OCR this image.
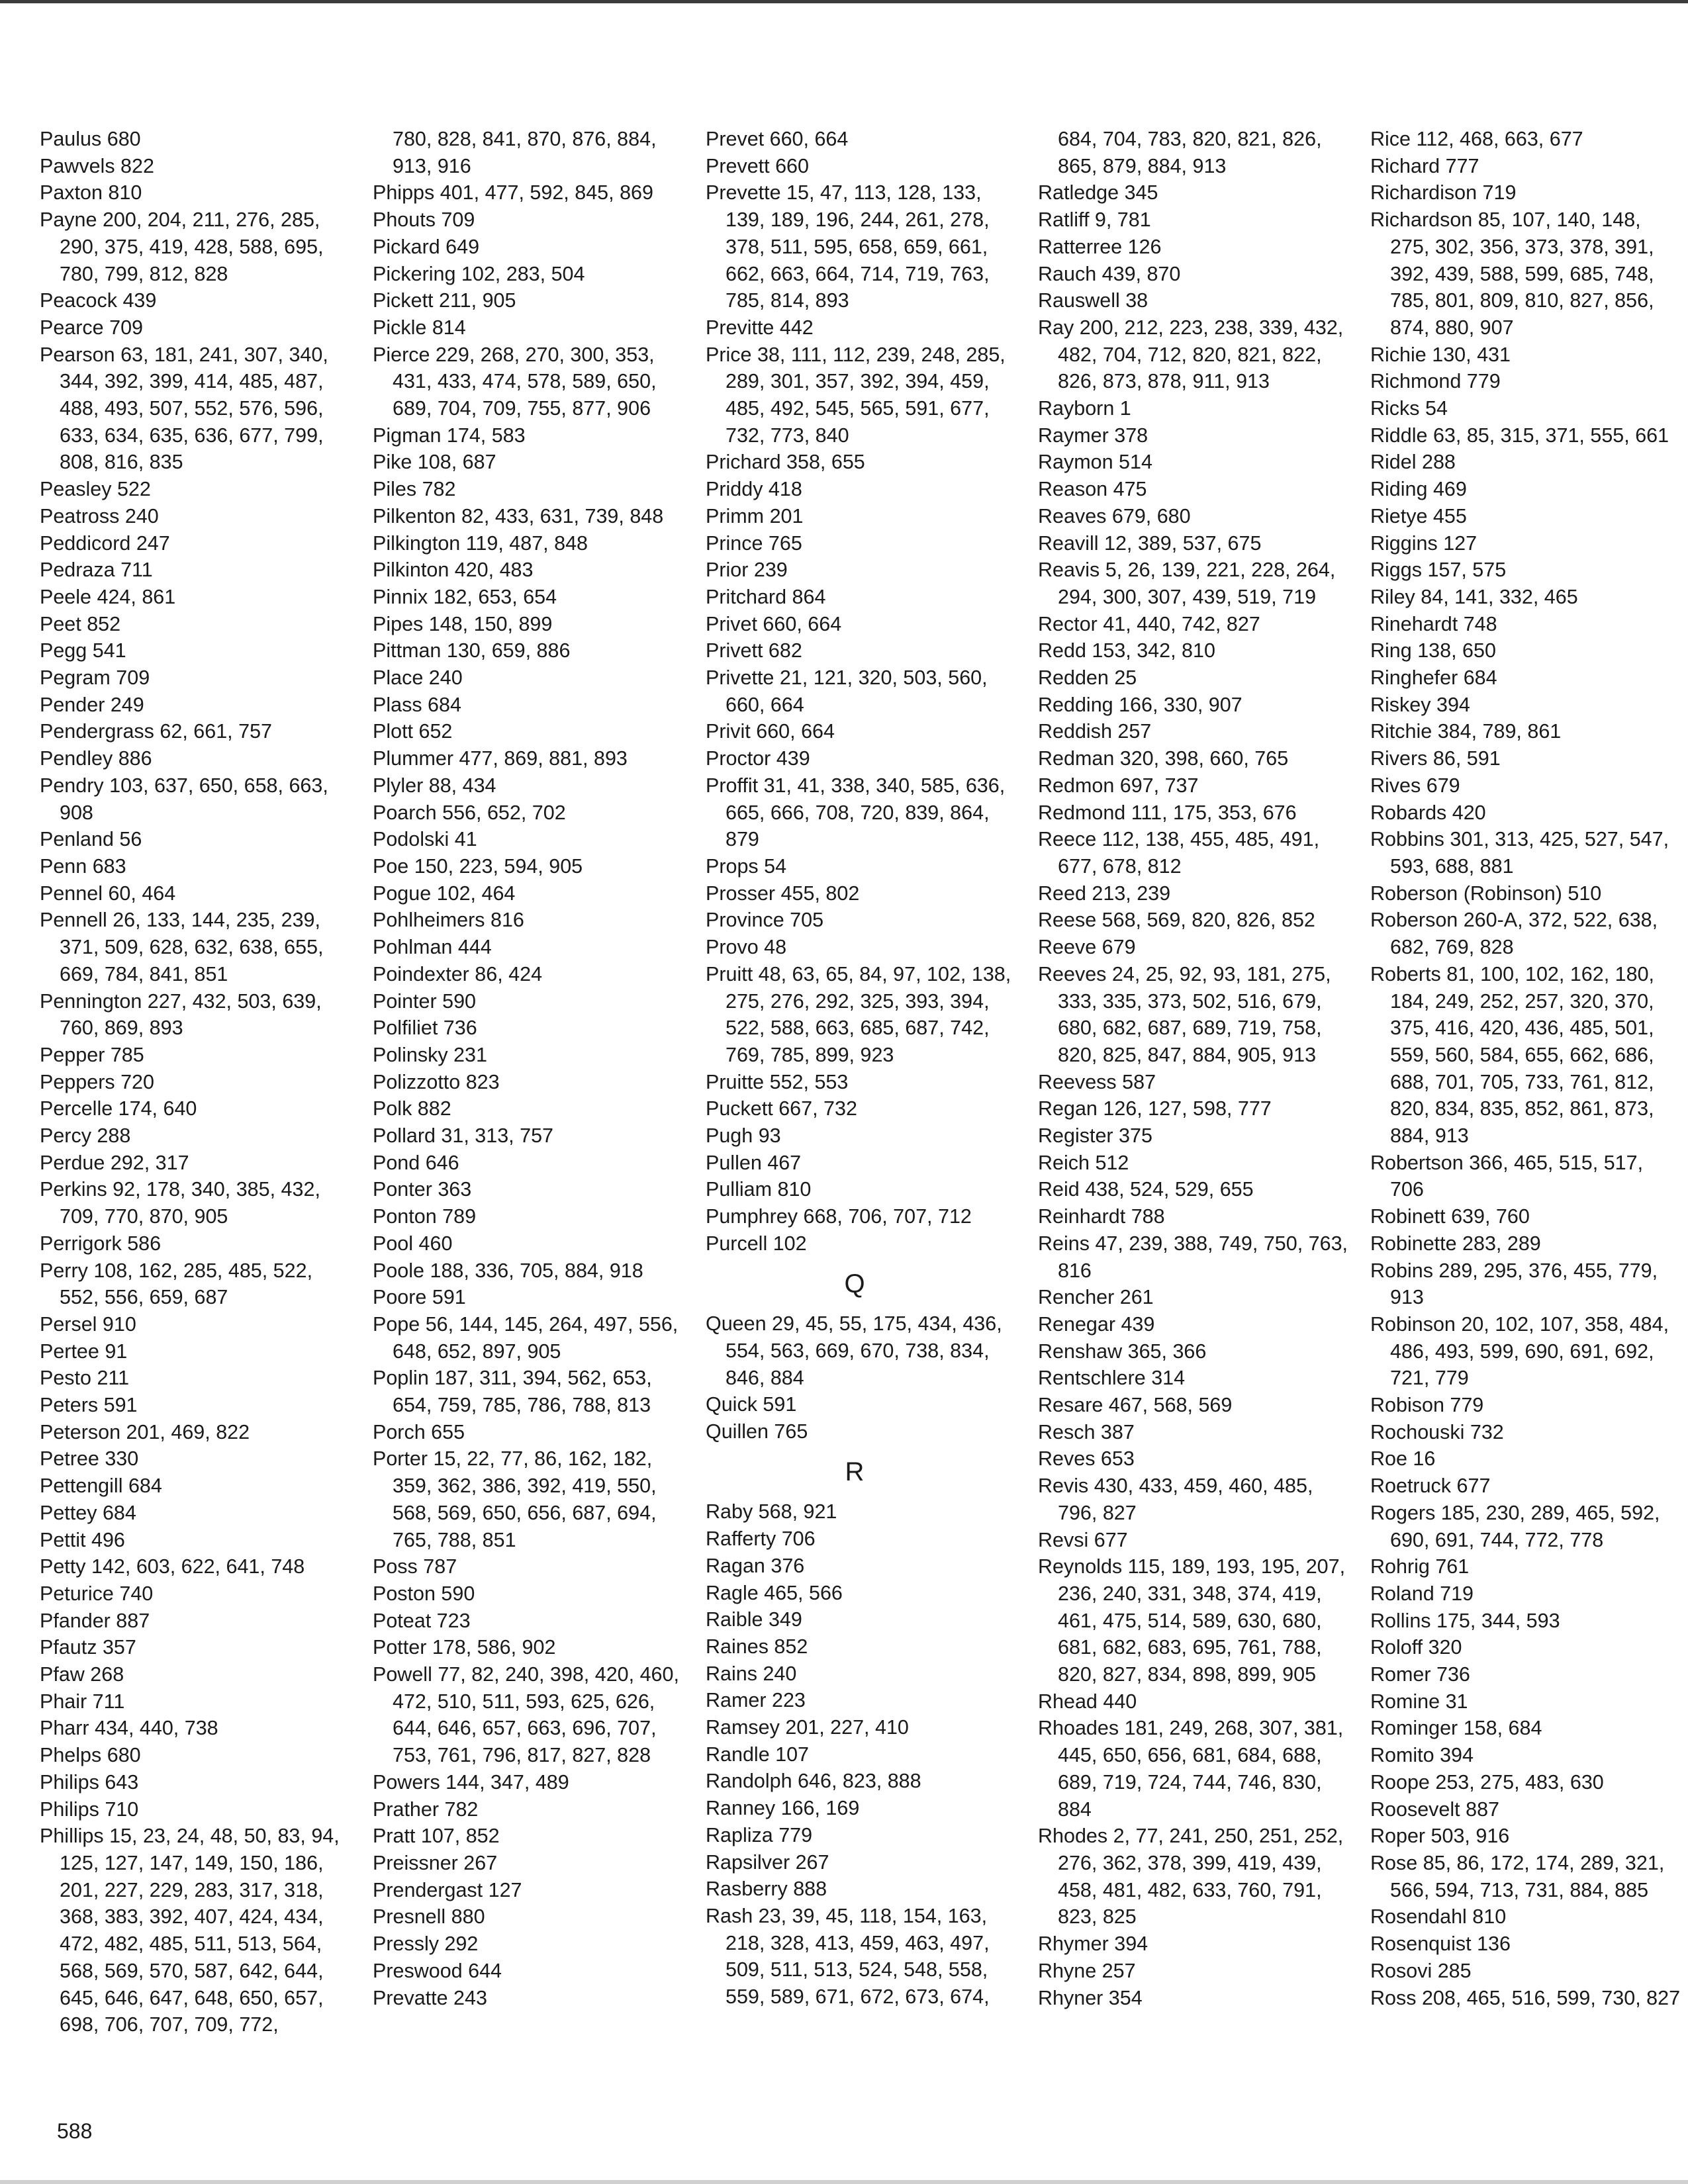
Paulus 680
Pawvels 822
Paxton 810
Payne 200, 204, 211, 276, 285, 290, 375, 419, 428, 588, 695, 780, 799, 812, 828
Peacock 439
Pearce 709
Pearson 63, 181, 241, 307, 340, 344, 392, 399, 414, 485, 487, 488, 493, 507, 552, 576, 596, 633, 634, 635, 636, 677, 799, 808, 816, 835
Peasley 522
Peatross 240
Peddicord 247
Pedraza 711
Peele 424, 861
Peet 852
Pegg 541
Pegram 709
Pender 249
Pendergrass 62, 661, 757
Pendley 886
Pendry 103, 637, 650, 658, 663, 908
Penland 56
Penn 683
Pennel 60, 464
Pennell 26, 133, 144, 235, 239, 371, 509, 628, 632, 638, 655, 669, 784, 841, 851
Pennington 227, 432, 503, 639, 760, 869, 893
Pepper 785
Peppers 720
Percelle 174, 640
Percy 288
Perdue 292, 317
Perkins 92, 178, 340, 385, 432, 709, 770, 870, 905
Perrigork 586
Perry 108, 162, 285, 485, 522, 552, 556, 659, 687
Persel 910
Pertee 91
Pesto 211
Peters 591
Peterson 201, 469, 822
Petree 330
Pettengill 684
Pettey 684
Pettit 496
Petty 142, 603, 622, 641, 748
Peturice 740
Pfander 887
Pfautz 357
Pfaw 268
Phair 711
Pharr 434, 440, 738
Phelps 680
Philips 643
Philips 710
Phillips 15, 23, 24, 48, 50, 83, 94, 125, 127, 147, 149, 150, 186, 201, 227, 229, 283, 317, 318, 368, 383, 392, 407, 424, 434, 472, 482, 485, 511, 513, 564, 568, 569, 570, 587, 642, 644, 645, 646, 647, 648, 650, 657, 698, 706, 707, 709, 772,
780, 828, 841, 870, 876, 884, 913, 916
Phipps 401, 477, 592, 845, 869
Phouts 709
Pickard 649
Pickering 102, 283, 504
Pickett 211, 905
Pickle 814
Pierce 229, 268, 270, 300, 353, 431, 433, 474, 578, 589, 650, 689, 704, 709, 755, 877, 906
Pigman 174, 583
Pike 108, 687
Piles 782
Pilkenton 82, 433, 631, 739, 848
Pilkington 119, 487, 848
Pilkinton 420, 483
Pinnix 182, 653, 654
Pipes 148, 150, 899
Pittman 130, 659, 886
Place 240
Plass 684
Plott 652
Plummer 477, 869, 881, 893
Plyler 88, 434
Poarch 556, 652, 702
Podolski 41
Poe 150, 223, 594, 905
Pogue 102, 464
Pohlheimers 816
Pohlman 444
Poindexter 86, 424
Pointer 590
Polfiliet 736
Polinsky 231
Polizzotto 823
Polk 882
Pollard 31, 313, 757
Pond 646
Ponter 363
Ponton 789
Pool 460
Poole 188, 336, 705, 884, 918
Poore 591
Pope 56, 144, 145, 264, 497, 556, 648, 652, 897, 905
Poplin 187, 311, 394, 562, 653, 654, 759, 785, 786, 788, 813
Porch 655
Porter 15, 22, 77, 86, 162, 182, 359, 362, 386, 392, 419, 550, 568, 569, 650, 656, 687, 694, 765, 788, 851
Poss 787
Poston 590
Poteat 723
Potter 178, 586, 902
Powell 77, 82, 240, 398, 420, 460, 472, 510, 511, 593, 625, 626, 644, 646, 657, 663, 696, 707, 753, 761, 796, 817, 827, 828
Powers 144, 347, 489
Prather 782
Pratt 107, 852
Preissner 267
Prendergast 127
Presnell 880
Pressly 292
Preswood 644
Prevatte 243
Prevet 660, 664
Prevett 660
Prevette 15, 47, 113, 128, 133, 139, 189, 196, 244, 261, 278, 378, 511, 595, 658, 659, 661, 662, 663, 664, 714, 719, 763, 785, 814, 893
Previtte 442
Price 38, 111, 112, 239, 248, 285, 289, 301, 357, 392, 394, 459, 485, 492, 545, 565, 591, 677, 732, 773, 840
Prichard 358, 655
Priddy 418
Primm 201
Prince 765
Prior 239
Pritchard 864
Privet 660, 664
Privett 682
Privette 21, 121, 320, 503, 560, 660, 664
Privit 660, 664
Proctor 439
Proffit 31, 41, 338, 340, 585, 636, 665, 666, 708, 720, 839, 864, 879
Props 54
Prosser 455, 802
Province 705
Provo 48
Pruitt 48, 63, 65, 84, 97, 102, 138, 275, 276, 292, 325, 393, 394, 522, 588, 663, 685, 687, 742, 769, 785, 899, 923
Pruitte 552, 553
Puckett 667, 732
Pugh 93
Pullen 467
Pulliam 810
Pumphrey 668, 706, 707, 712
Purcell 102
Q
Queen 29, 45, 55, 175, 434, 436, 554, 563, 669, 670, 738, 834, 846, 884
Quick 591
Quillen 765
R
Raby 568, 921
Rafferty 706
Ragan 376
Ragle 465, 566
Raible 349
Raines 852
Rains 240
Ramer 223
Ramsey 201, 227, 410
Randle 107
Randolph 646, 823, 888
Ranney 166, 169
Rapliza 779
Rapsilver 267
Rasberry 888
Rash 23, 39, 45, 118, 154, 163, 218, 328, 413, 459, 463, 497, 509, 511, 513, 524, 548, 558, 559, 589, 671, 672, 673, 674,
684, 704, 783, 820, 821, 826, 865, 879, 884, 913
Ratledge 345
Ratliff 9, 781
Ratterree 126
Rauch 439, 870
Rauswell 38
Ray 200, 212, 223, 238, 339, 432, 482, 704, 712, 820, 821, 822, 826, 873, 878, 911, 913
Rayborn 1
Raymer 378
Raymon 514
Reason 475
Reaves 679, 680
Reavill 12, 389, 537, 675
Reavis 5, 26, 139, 221, 228, 264, 294, 300, 307, 439, 519, 719
Rector 41, 440, 742, 827
Redd 153, 342, 810
Redden 25
Redding 166, 330, 907
Reddish 257
Redman 320, 398, 660, 765
Redmon 697, 737
Redmond 111, 175, 353, 676
Reece 112, 138, 455, 485, 491, 677, 678, 812
Reed 213, 239
Reese 568, 569, 820, 826, 852
Reeve 679
Reeves 24, 25, 92, 93, 181, 275, 333, 335, 373, 502, 516, 679, 680, 682, 687, 689, 719, 758, 820, 825, 847, 884, 905, 913
Reevess 587
Regan 126, 127, 598, 777
Register 375
Reich 512
Reid 438, 524, 529, 655
Reinhardt 788
Reins 47, 239, 388, 749, 750, 763, 816
Rencher 261
Renegar 439
Renshaw 365, 366
Rentschlere 314
Resare 467, 568, 569
Resch 387
Reves 653
Revis 430, 433, 459, 460, 485, 796, 827
Revsi 677
Reynolds 115, 189, 193, 195, 207, 236, 240, 331, 348, 374, 419, 461, 475, 514, 589, 630, 680, 681, 682, 683, 695, 761, 788, 820, 827, 834, 898, 899, 905
Rhead 440
Rhoades 181, 249, 268, 307, 381, 445, 650, 656, 681, 684, 688, 689, 719, 724, 744, 746, 830, 884
Rhodes 2, 77, 241, 250, 251, 252, 276, 362, 378, 399, 419, 439, 458, 481, 482, 633, 760, 791, 823, 825
Rhymer 394
Rhyne 257
Rhyner 354
Rice 112, 468, 663, 677
Richard 777
Richardison 719
Richardson 85, 107, 140, 148, 275, 302, 356, 373, 378, 391, 392, 439, 588, 599, 685, 748, 785, 801, 809, 810, 827, 856, 874, 880, 907
Richie 130, 431
Richmond 779
Ricks 54
Riddle 63, 85, 315, 371, 555, 661
Ridel 288
Riding 469
Rietye 455
Riggins 127
Riggs 157, 575
Riley 84, 141, 332, 465
Rinehardt 748
Ring 138, 650
Ringhefer 684
Riskey 394
Ritchie 384, 789, 861
Rivers 86, 591
Rives 679
Robards 420
Robbins 301, 313, 425, 527, 547, 593, 688, 881
Roberson (Robinson) 510
Roberson 260-A, 372, 522, 638, 682, 769, 828
Roberts 81, 100, 102, 162, 180, 184, 249, 252, 257, 320, 370, 375, 416, 420, 436, 485, 501, 559, 560, 584, 655, 662, 686, 688, 701, 705, 733, 761, 812, 820, 834, 835, 852, 861, 873, 884, 913
Robertson 366, 465, 515, 517, 706
Robinett 639, 760
Robinette 283, 289
Robins 289, 295, 376, 455, 779, 913
Robinson 20, 102, 107, 358, 484, 486, 493, 599, 690, 691, 692, 721, 779
Robison 779
Rochouski 732
Roe 16
Roetruck 677
Rogers 185, 230, 289, 465, 592, 690, 691, 744, 772, 778
Rohrig 761
Roland 719
Rollins 175, 344, 593
Roloff 320
Romer 736
Romine 31
Rominger 158, 684
Romito 394
Roope 253, 275, 483, 630
Roosevelt 887
Roper 503, 916
Rose 85, 86, 172, 174, 289, 321, 566, 594, 713, 731, 884, 885
Rosendahl 810
Rosenquist 136
Rosovi 285
Ross 208, 465, 516, 599, 730, 827
588
